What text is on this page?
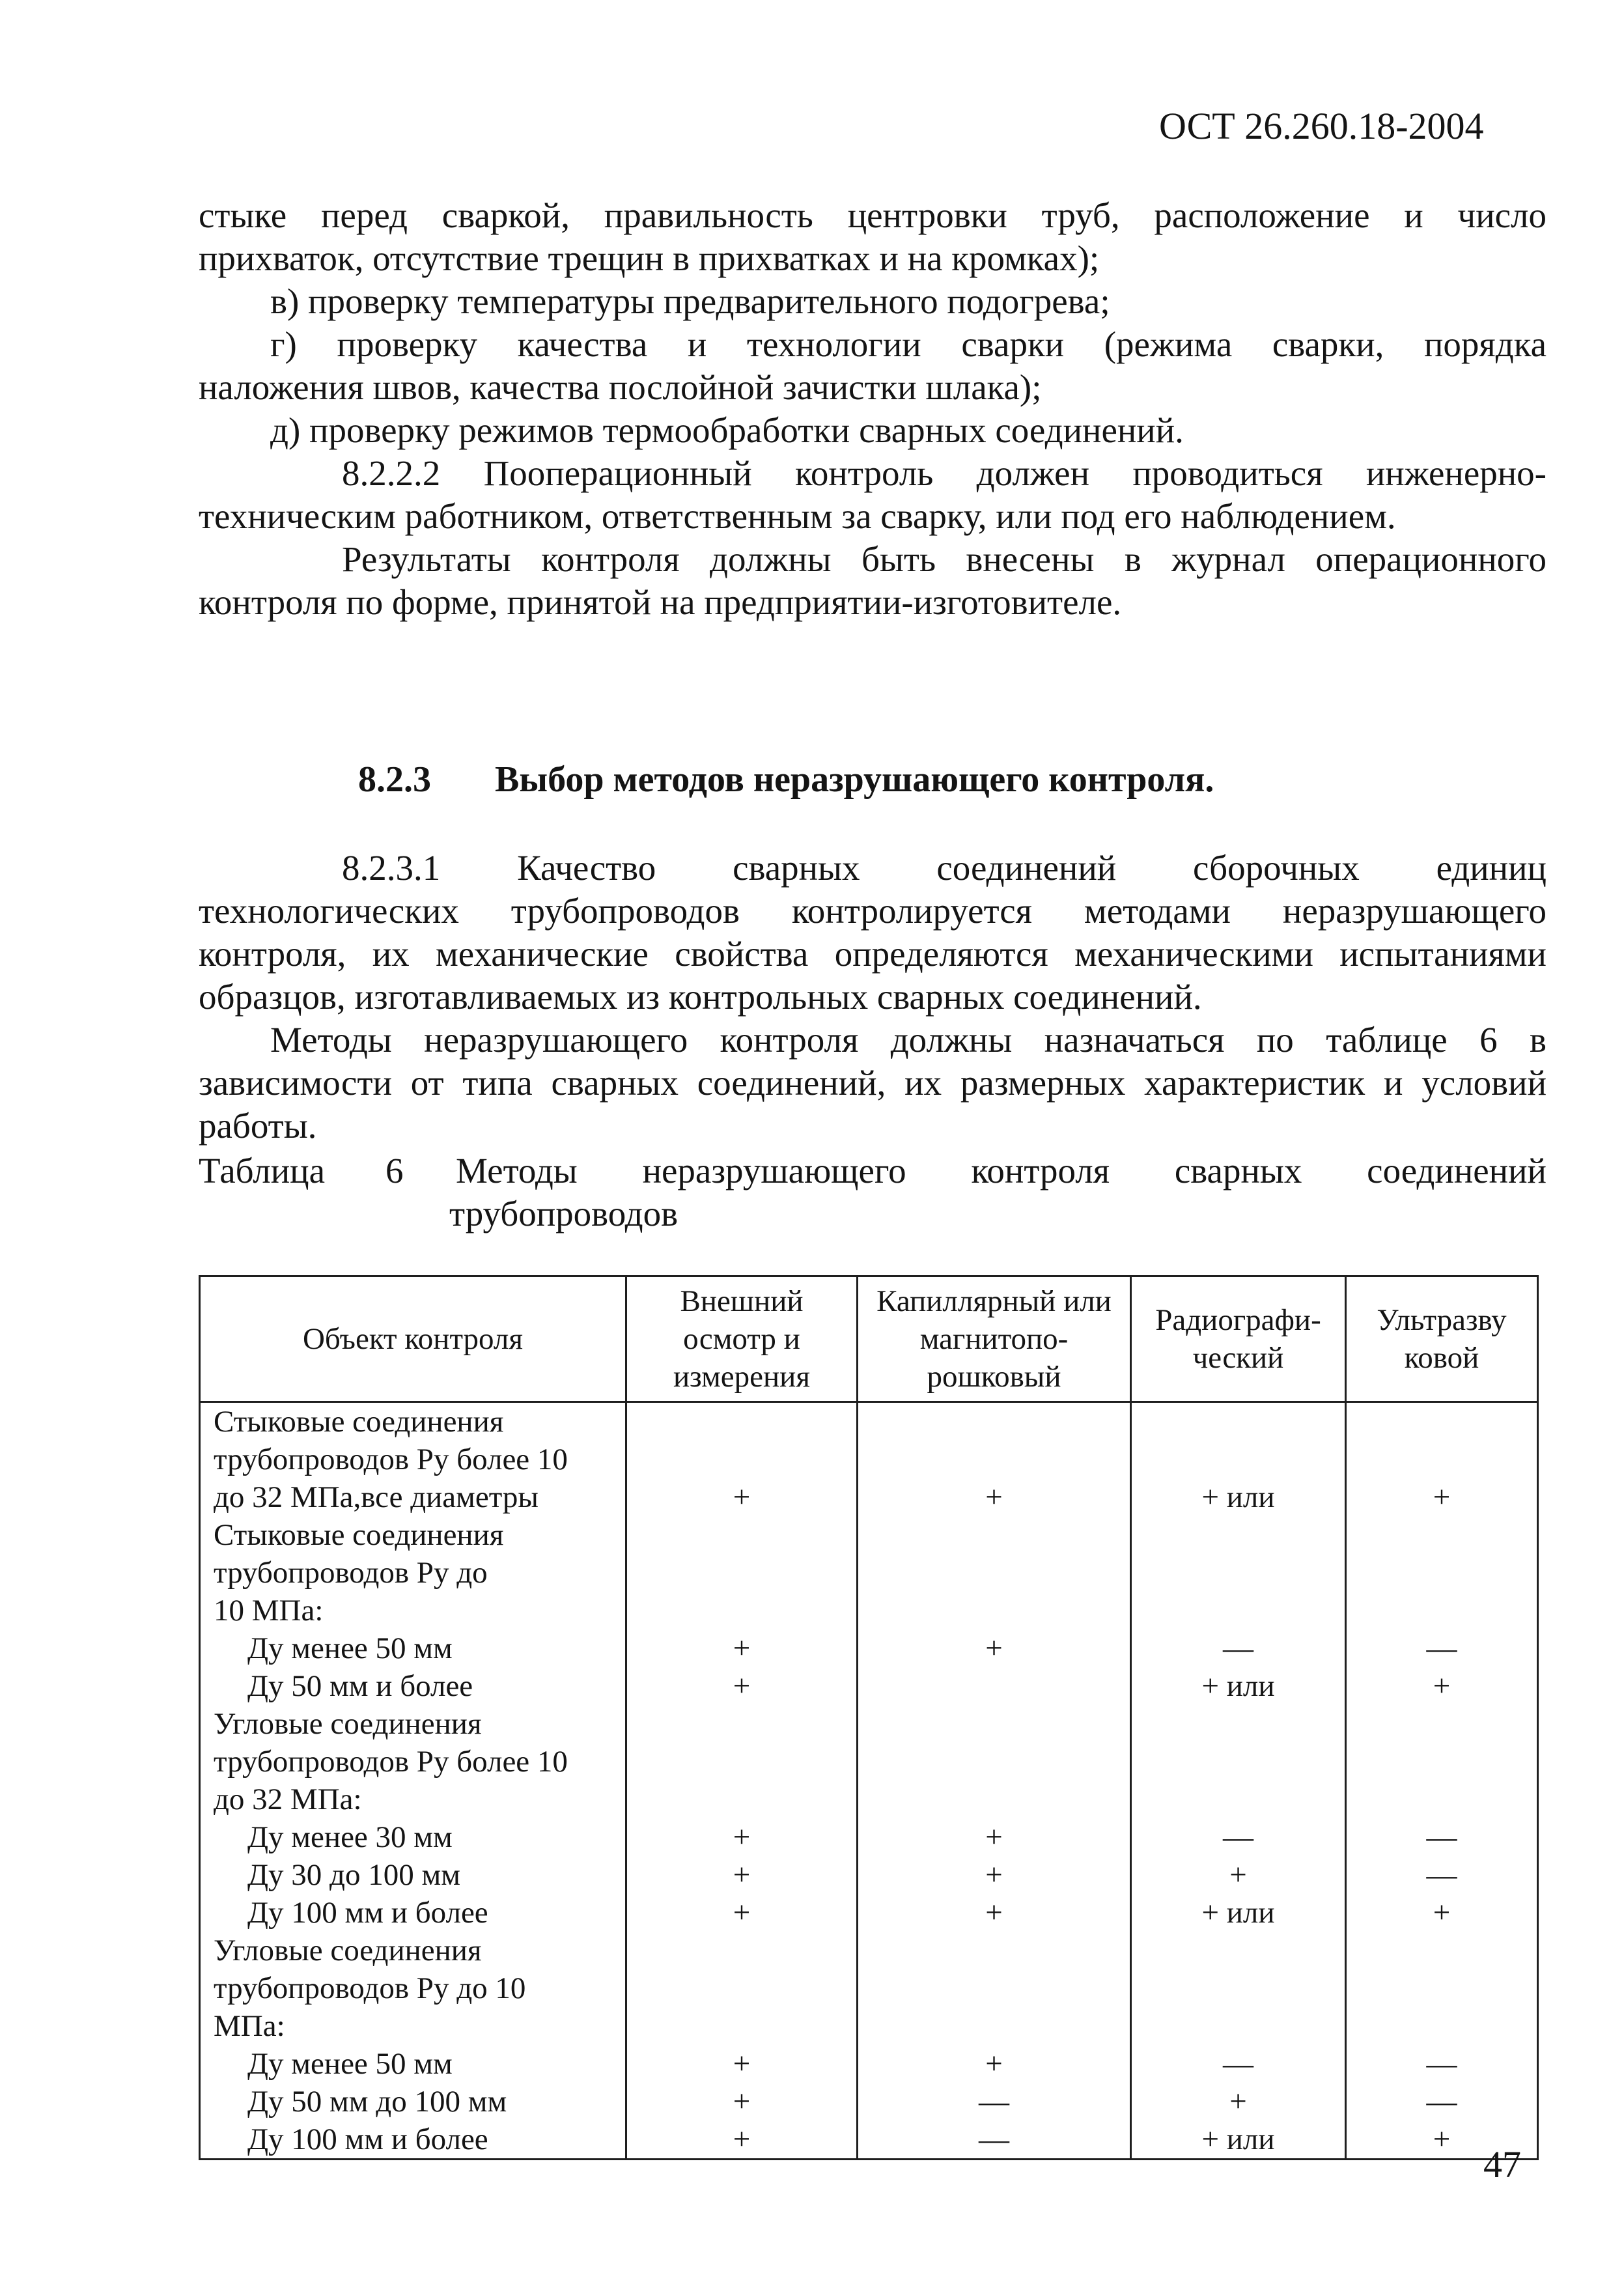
ОСТ 26.260.18-2004
стыке перед сваркой, правильность центровки труб, расположение и число
прихваток, отсутствие трещин в прихватках и на кромках);
в) проверку температуры предварительного подогрева;
г) проверку качества и технологии сварки (режима сварки, порядка
наложения швов, качества послойной зачистки шлака);
д) проверку режимов термообработки сварных соединений.
8.2.2.2 Пооперационный контроль должен проводиться инженерно-
техническим работником, ответственным за сварку, или под его наблюдением.
Результаты контроля должны быть внесены в журнал операционного
контроля по форме, принятой на предприятии-изготовителе.
8.2.3 Выбор методов неразрушающего контроля.
8.2.3.1 Качество сварных соединений сборочных единиц
технологических трубопроводов контролируется методами неразрушающего
контроля, их механические свойства определяются механическими испытаниями
образцов, изготавливаемых из контрольных сварных соединений.
Методы неразрушающего контроля должны назначаться по таблице 6 в
зависимости от типа сварных соединений, их размерных характеристик и условий
работы.
Таблица 6 Методы неразрушающего контроля сварных соединений
трубопроводов
Объект контроля	Внешний
осмотр и
измерения	Капиллярный или
магнитопо-
рошковый	Радиографи-
ческий	Ультразву
ковой

Стыковые соединения				

трубопроводов Ру более 10				

до 32 МПа,все диаметры	+	+	+ или	+

Стыковые соединения				

трубопроводов Ру до				

10 МПа:				

Ду менее 50 мм	+	+	—	—

Ду 50 мм и более	+		+ или	+

Угловые соединения				

трубопроводов Ру более 10				

до 32 МПа:				

Ду менее 30 мм	+	+	—	—

Ду 30 до 100 мм	+	+	+	—

Ду 100 мм и более	+	+	+ или	+

Угловые соединения				

трубопроводов Ру до 10				

МПа:				

Ду менее 50 мм	+	+	—	—

Ду 50 мм до 100 мм	+	—	+	—

Ду 100 мм и более	+	—	+ или	+
47
